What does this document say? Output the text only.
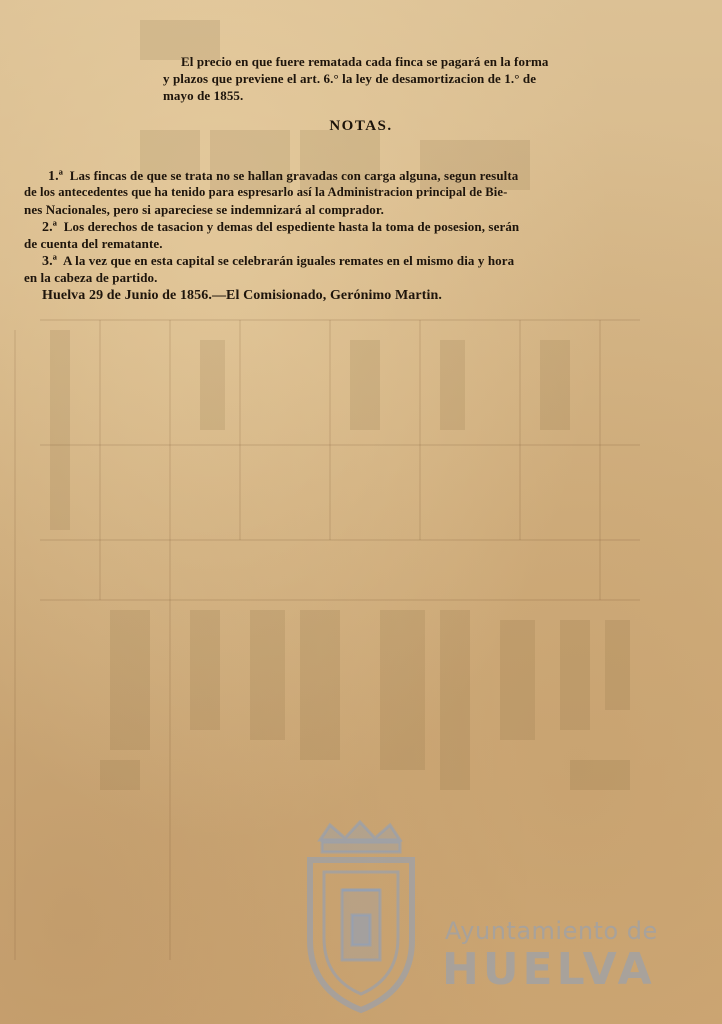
El precio en que fuere rematada cada finca se pagará en la forma
y plazos que previene el art. 6.° la ley de desamortizacion de 1.° de
mayo de 1855.
NOTAS.
1.ª Las fincas de que se trata no se hallan gravadas con carga alguna, segun resulta
de los antecedentes que ha tenido para espresarlo así la Administracion principal de Bie-
nes Nacionales, pero si apareciese se indemnizará al comprador.
2.ª Los derechos de tasacion y demas del espediente hasta la toma de posesion, serán
de cuenta del rematante.
3.ª A la vez que en esta capital se celebrarán iguales remates en el mismo dia y hora
en la cabeza de partido.
Huelva 29 de Junio de 1856.—El Comisionado, Gerónimo Martin.
Ayuntamiento de
HUELVA
